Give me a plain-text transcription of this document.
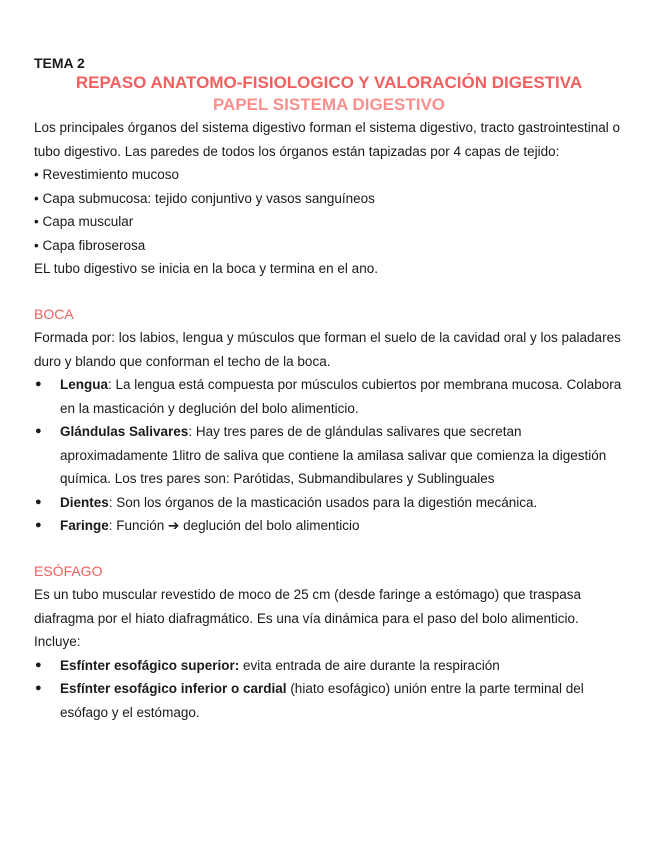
TEMA 2

REPASO ANATOMO-FISIOLOGICO Y VALORACIÓN DIGESTIVA

PAPEL SISTEMA DIGESTIVO

Los principales órganos del sistema digestivo forman el sistema digestivo, tracto gastrointestinal o tubo digestivo. Las paredes de todos los órganos están tapizadas por 4 capas de tejido:

• Revestimiento mucoso
• Capa submucosa: tejido conjuntivo y vasos sanguíneos
• Capa muscular
• Capa fibroserosa

EL tubo digestivo se inicia en la boca y termina en el ano.

BOCA

Formada por: los labios, lengua y músculos que forman el suelo de la cavidad oral y los paladares duro y blando que conforman el techo de la boca.

● Lengua: La lengua está compuesta por músculos cubiertos por membrana mucosa. Colabora en la masticación y deglución del bolo alimenticio.
● Glándulas Salivares: Hay tres pares de de glándulas salivares que secretan aproximadamente 1litro de saliva que contiene la amilasa salivar que comienza la digestión química. Los tres pares son: Parótidas, Submandibulares y Sublinguales
● Dientes: Son los órganos de la masticación usados para la digestión mecánica.
● Faringe: Función ➔ deglución del bolo alimenticio

ESÓFAGO

Es un tubo muscular revestido de moco de 25 cm (desde faringe a estómago) que traspasa diafragma por el hiato diafragmático. Es una vía dinámica para el paso del bolo alimenticio. Incluye:

● Esfínter esofágico superior: evita entrada de aire durante la respiración
● Esfínter esofágico inferior o cardial (hiato esofágico) unión entre la parte terminal del esófago y el estómago.
